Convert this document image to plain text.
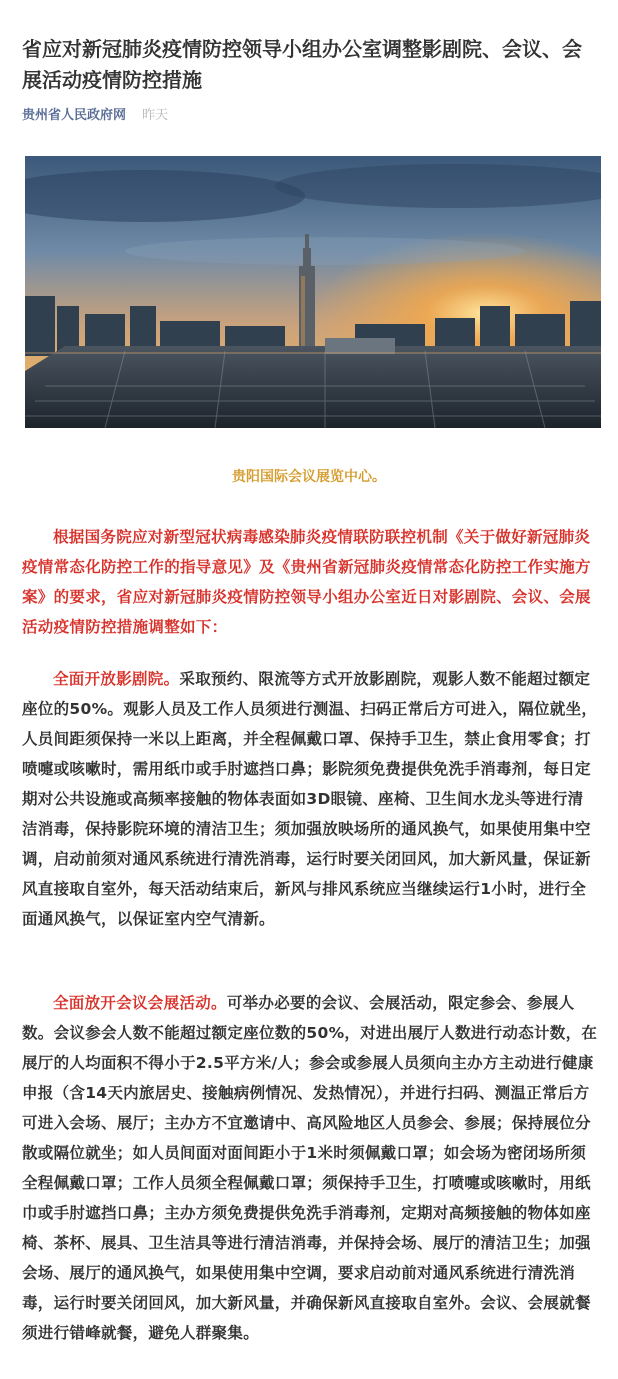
省应对新冠肺炎疫情防控领导小组办公室调整影剧院、会议、会展活动疫情防控措施
贵州省人民政府网 昨天
贵阳国际会议展览中心。

根据国务院应对新型冠状病毒感染肺炎疫情联防联控机制《关于做好新冠肺炎疫情常态化防控工作的指导意见》及《贵州省新冠肺炎疫情常态化防控工作实施方案》的要求，省应对新冠肺炎疫情防控领导小组办公室近日对影剧院、会议、会展活动疫情防控措施调整如下：

全面开放影剧院。采取预约、限流等方式开放影剧院，观影人数不能超过额定座位的50%。观影人员及工作人员须进行测温、扫码正常后方可进入，隔位就坐，人员间距须保持一米以上距离，并全程佩戴口罩、保持手卫生，禁止食用零食；打喷嚏或咳嗽时，需用纸巾或手肘遮挡口鼻；影院须免费提供免洗手消毒剂，每日定期对公共设施或高频率接触的物体表面如3D眼镜、座椅、卫生间水龙头等进行清洁消毒，保持影院环境的清洁卫生；须加强放映场所的通风换气，如果使用集中空调，启动前须对通风系统进行清洗消毒，运行时要关闭回风，加大新风量，保证新风直接取自室外，每天活动结束后，新风与排风系统应当继续运行1小时，进行全面通风换气，以保证室内空气清新。

全面放开会议会展活动。可举办必要的会议、会展活动，限定参会、参展人数。会议参会人数不能超过额定座位数的50%，对进出展厅人数进行动态计数，在展厅的人均面积不得小于2.5平方米/人；参会或参展人员须向主办方主动进行健康申报（含14天内旅居史、接触病例情况、发热情况），并进行扫码、测温正常后方可进入会场、展厅；主办方不宜邀请中、高风险地区人员参会、参展；保持展位分散或隔位就坐；如人员间面对面间距小于1米时须佩戴口罩；如会场为密闭场所须全程佩戴口罩；工作人员须全程佩戴口罩；须保持手卫生，打喷嚏或咳嗽时，用纸巾或手肘遮挡口鼻；主办方须免费提供免洗手消毒剂，定期对高频接触的物体如座椅、茶杯、展具、卫生洁具等进行清洁消毒，并保持会场、展厅的清洁卫生；加强会场、展厅的通风换气，如果使用集中空调，要求启动前对通风系统进行清洗消毒，运行时要关闭回风，加大新风量，并确保新风直接取自室外。会议、会展就餐须进行错峰就餐，避免人群聚集。
